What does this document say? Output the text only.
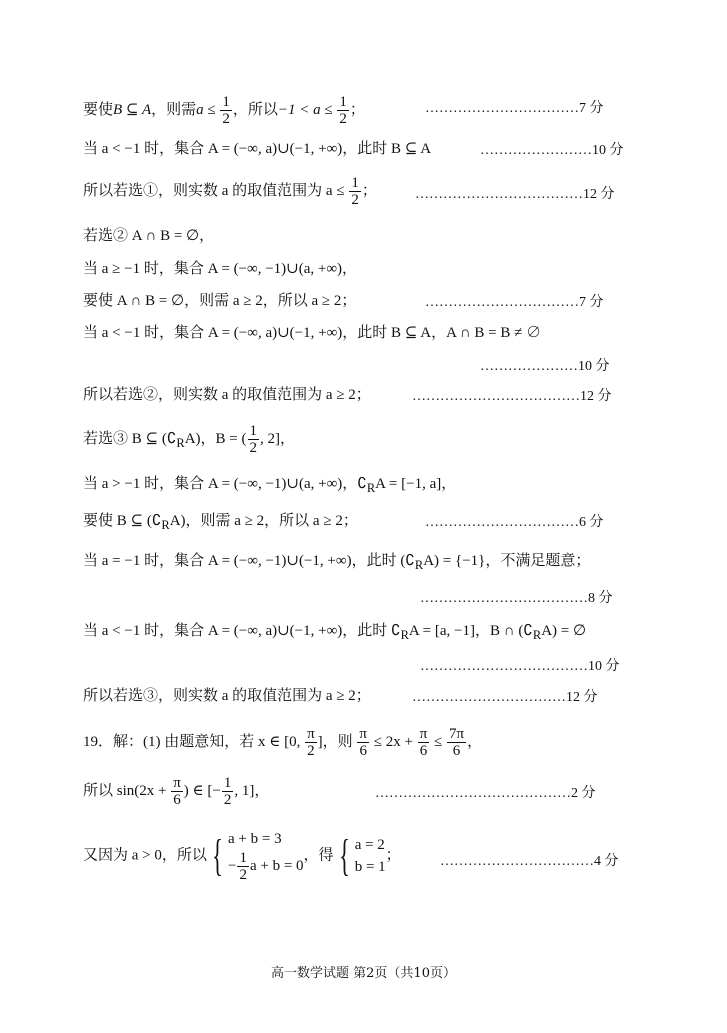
要使B ⊆ A，则需$a \le \frac{1}{2}$ ，所以$-1 < a \le \frac{1}{2}$ ；	……………………………7 分
当 a < −1 时，集合 A = (−∞, a)∪(−1, +∞)，此时 B ⊆ A	……………………10 分
所以若选①，则实数 a 的取值范围为 $a \le \frac{1}{2}$ ；	………………………………12 分
若选② A ∩ B = ∅，
当 a ≥ −1 时，集合 A = (−∞, −1)∪(a, +∞)，
要使 A ∩ B = ∅，则需 a ≥ 2，所以 a ≥ 2；	……………………………7 分
当 a < −1 时，集合 A = (−∞, a)∪(−1, +∞)，此时 B ⊆ A，A ∩ B = B ≠ ∅
…………………10 分
所以若选②，则实数 a 的取值范围为 a ≥ 2；	………………………………12 分
若选③ B ⊆ $(∁_RA)$，B = ( $\frac{1}{2}$ , 2]，
当 a > −1 时，集合 A = (−∞, −1)∪(a, +∞)，$∁_RA = [-1$, a]，
要使 B ⊆ $(∁_RA)$，则需 a ≥ 2，所以 a ≥ 2；	……………………………6 分
当 a = −1 时，集合 A = (−∞, −1)∪(−1, +∞)，此时 $(∁_RA) = \{-1\}$，不满足题意；
………………………………8 分
当 a < −1 时，集合 A = (−∞, a)∪(−1, +∞)，此时 $∁_RA = [a$, −1]，B ∩ $(∁_RA)$ = ∅
………………………………10 分
所以若选③，则实数 a 的取值范围为 a ≥ 2；	……………………………12 分
19．解：(1) 由题意知，若 x ∈ [0, $\frac{\pi}{2}$ ]，则 $\frac{\pi}{6} \le 2x + \frac{\pi}{6} \le \frac{7\pi}{6}$ ，
所以 $\sin(2x + \frac{\pi}{6}$ ) ∈ [− $\frac{1}{2}$ , 1]，	……………………………………2 分
又因为 a > 0，所以 { a + b = 3
− $\frac{1}{2}$ a + b = 0
，得 { a = 2
b = 1
；	……………………………4 分
高一数学试题 第2页（共10页）
